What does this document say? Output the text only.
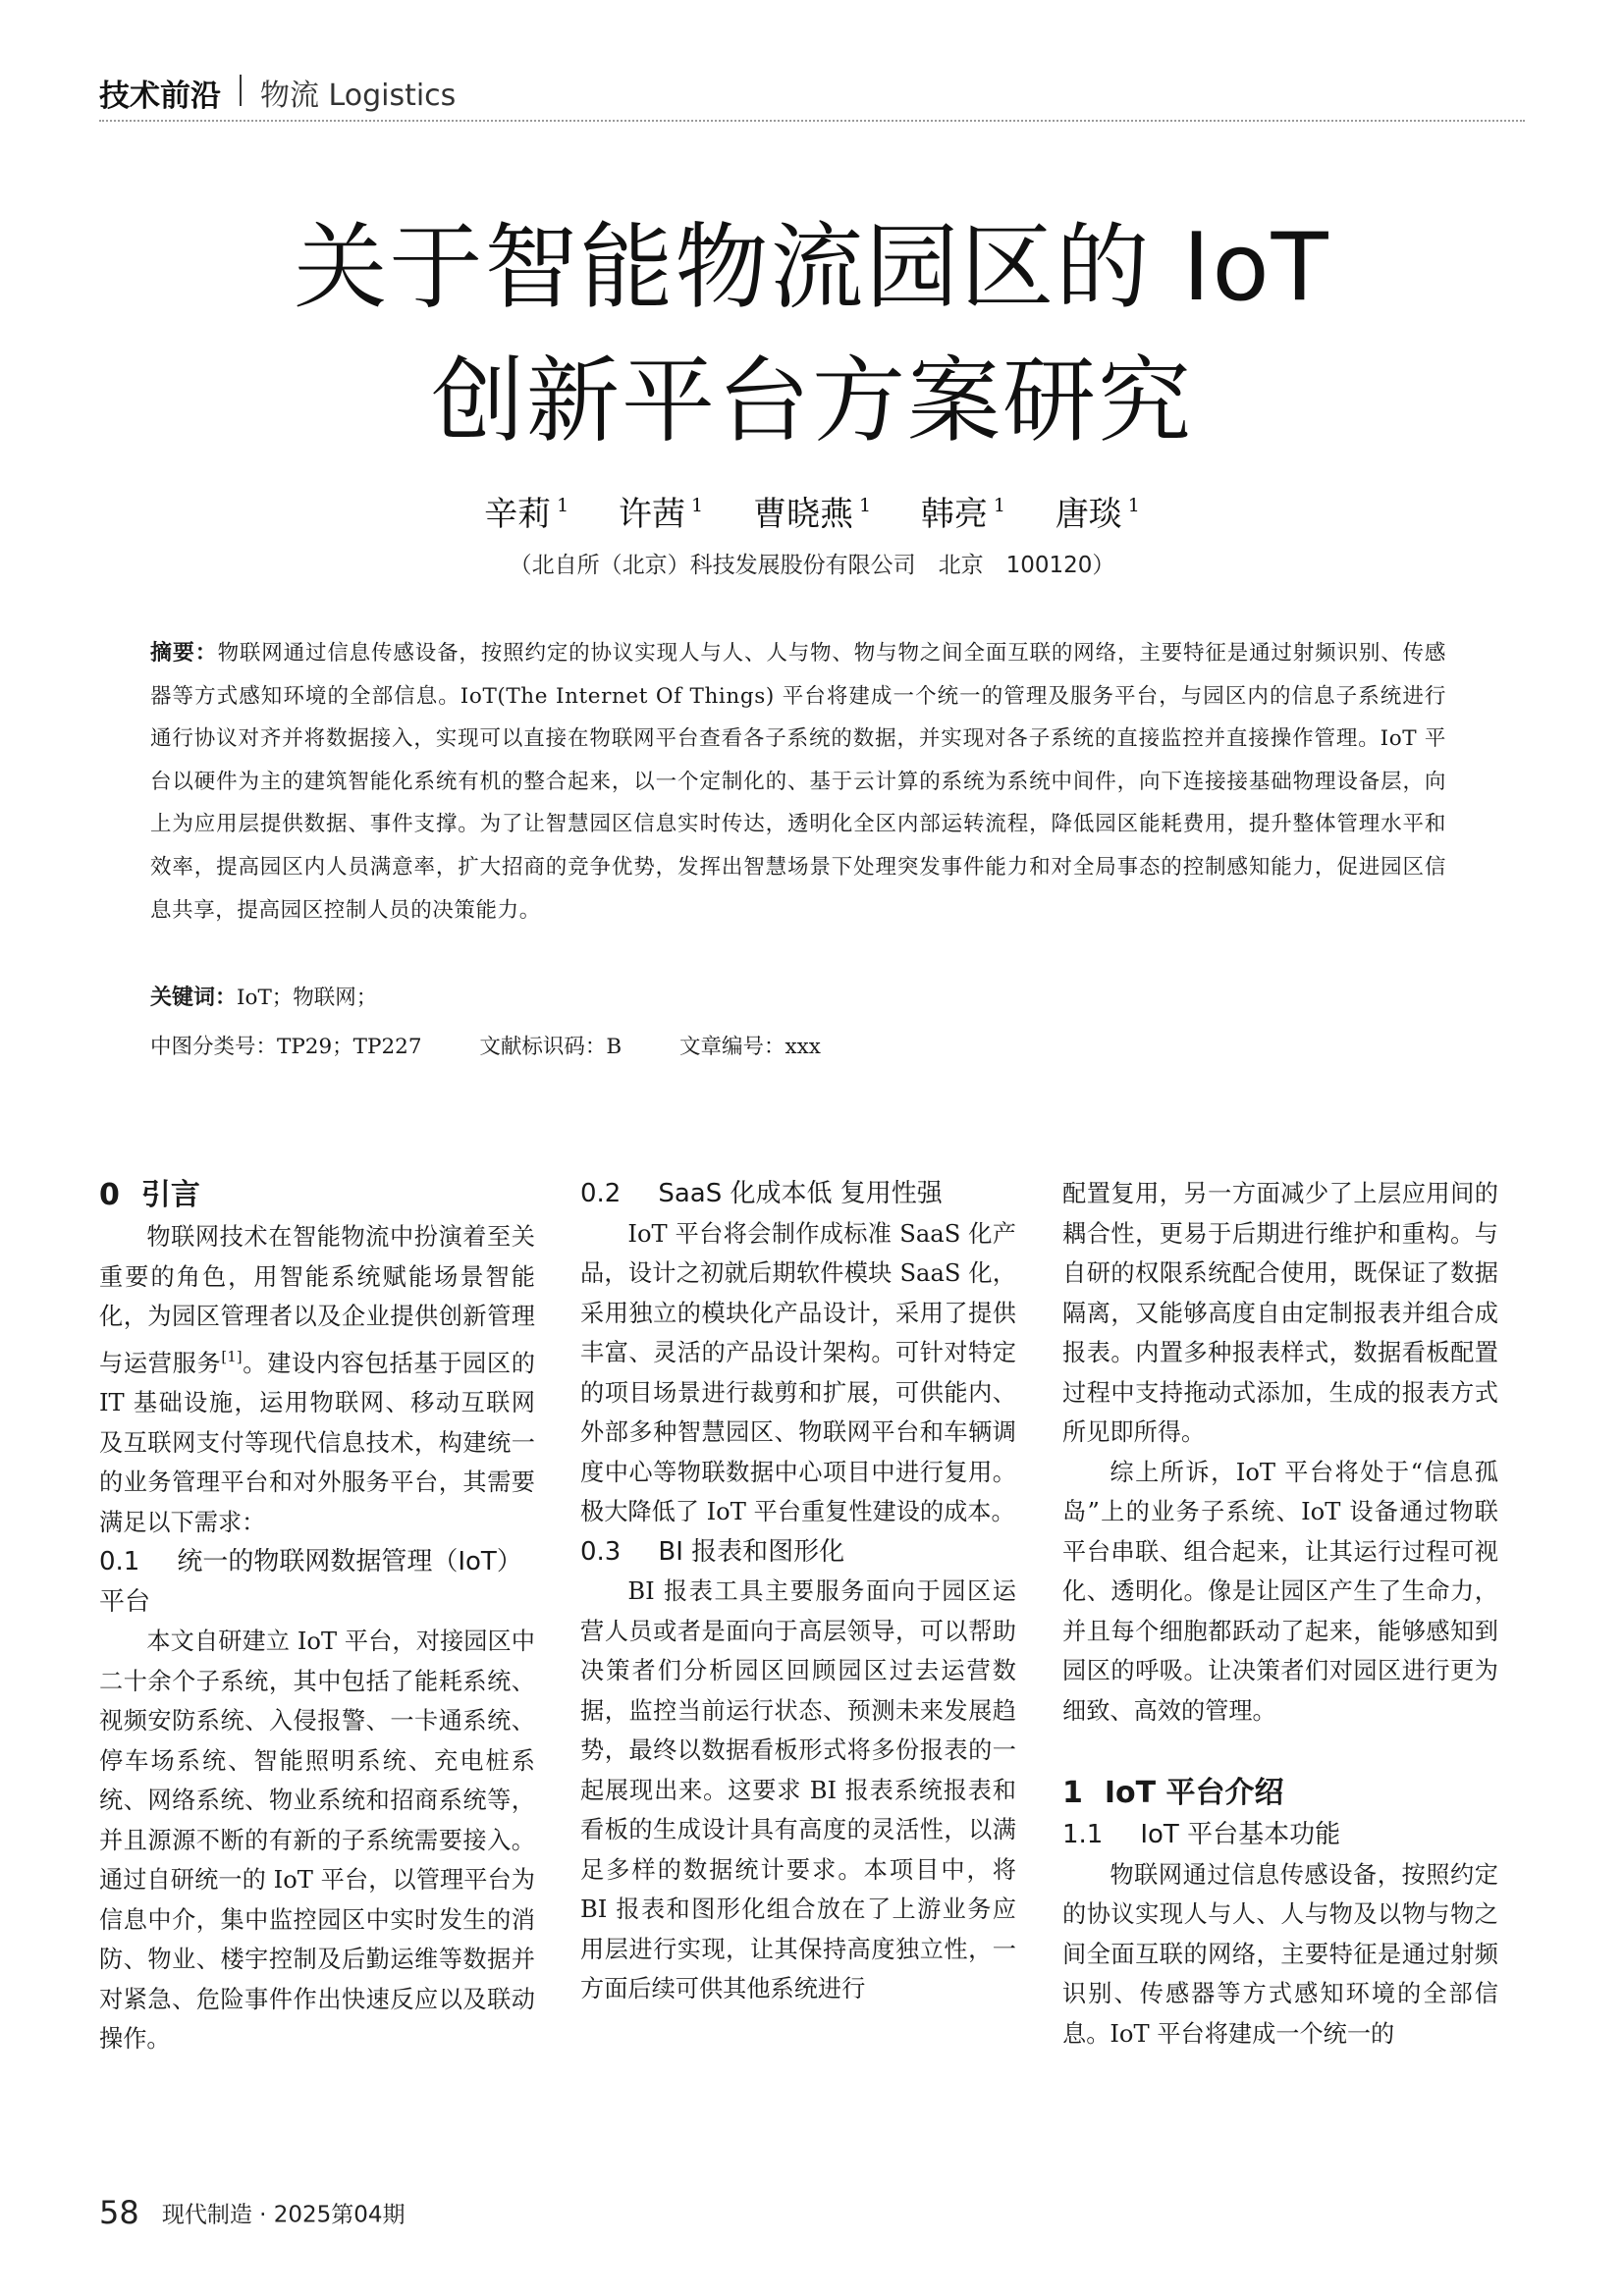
技术前沿 物流 Logistics
关于智能物流园区的 IoT
创新平台方案研究
辛莉 $^1$ 许茜 $^1$ 曹晓燕 $^1$ 韩亮 $^1$ 唐琰 $^1$
（北自所（北京）科技发展股份有限公司　北京　100120）

摘要：物联网通过信息传感设备，按照约定的协议实现人与人、人与物、物与物之间全面互联的网络，主要特征是通过射频识别、传感器等方式感知环境的全部信息。IoT(The Internet Of Things) 平台将建成一个统一的管理及服务平台，与园区内的信息子系统进行通行协议对齐并将数据接入，实现可以直接在物联网平台查看各子系统的数据，并实现对各子系统的直接监控并直接操作管理。IoT 平台以硬件为主的建筑智能化系统有机的整合起来，以一个定制化的、基于云计算的系统为系统中间件，向下连接接基础物理设备层，向上为应用层提供数据、事件支撑。为了让智慧园区信息实时传达，透明化全区内部运转流程，降低园区能耗费用，提升整体管理水平和效率，提高园区内人员满意率，扩大招商的竞争优势，发挥出智慧场景下处理突发事件能力和对全局事态的控制感知能力，促进园区信息共享，提高园区控制人员的决策能力。

关键词：IoT；物联网；
中图分类号：TP29；TP227	文献标识码：B	文章编号：xxx
0 引言

物联网技术在智能物流中扮演着至关重要的角色，用智能系统赋能场景智能化，为园区管理者以及企业提供创新管理与运营服务[1]。建设内容包括基于园区的 IT 基础设施，运用物联网、移动互联网及互联网支付等现代信息技术，构建统一的业务管理平台和对外服务平台，其需要满足以下需求：

0.1 统一的物联网数据管理（IoT）平台

本文自研建立 IoT 平台，对接园区中二十余个子系统，其中包括了能耗系统、视频安防系统、入侵报警、一卡通系统、停车场系统、智能照明系统、充电桩系统、网络系统、物业系统和招商系统等，并且源源不断的有新的子系统需要接入。通过自研统一的 IoT 平台，以管理平台为信息中介，集中监控园区中实时发生的消防、物业、楼宇控制及后勤运维等数据并对紧急、危险事件作出快速反应以及联动操作。

0.2 SaaS 化成本低 复用性强

IoT 平台将会制作成标准 SaaS 化产品，设计之初就后期软件模块 SaaS 化，采用独立的模块化产品设计，采用了提供丰富、灵活的产品设计架构。可针对特定的项目场景进行裁剪和扩展，可供能内、外部多种智慧园区、物联网平台和车辆调度中心等物联数据中心项目中进行复用。极大降低了 IoT 平台重复性建设的成本。

0.3 BI 报表和图形化

BI 报表工具主要服务面向于园区运营人员或者是面向于高层领导，可以帮助决策者们分析园区回顾园区过去运营数据，监控当前运行状态、预测未来发展趋势，最终以数据看板形式将多份报表的一起展现出来。这要求 BI 报表系统报表和看板的生成设计具有高度的灵活性，以满足多样的数据统计要求。本项目中，将 BI 报表和图形化组合放在了上游业务应用层进行实现，让其保持高度独立性，一方面后续可供其他系统进行

配置复用，另一方面减少了上层应用间的耦合性，更易于后期进行维护和重构。与自研的权限系统配合使用，既保证了数据隔离，又能够高度自由定制报表并组合成报表。内置多种报表样式，数据看板配置过程中支持拖动式添加，生成的报表方式所见即所得。

综上所诉，IoT 平台将处于“信息孤岛”上的业务子系统、IoT 设备通过物联平台串联、组合起来，让其运行过程可视化、透明化。像是让园区产生了生命力，并且每个细胞都跃动了起来，能够感知到园区的呼吸。让决策者们对园区进行更为细致、高效的管理。

1 IoT 平台介绍
1.1 IoT 平台基本功能

物联网通过信息传感设备，按照约定的协议实现人与人、人与物及以物与物之间全面互联的网络，主要特征是通过射频识别、传感器等方式感知环境的全部信息。IoT 平台将建成一个统一的

58 现代制造 · 2025第04期
